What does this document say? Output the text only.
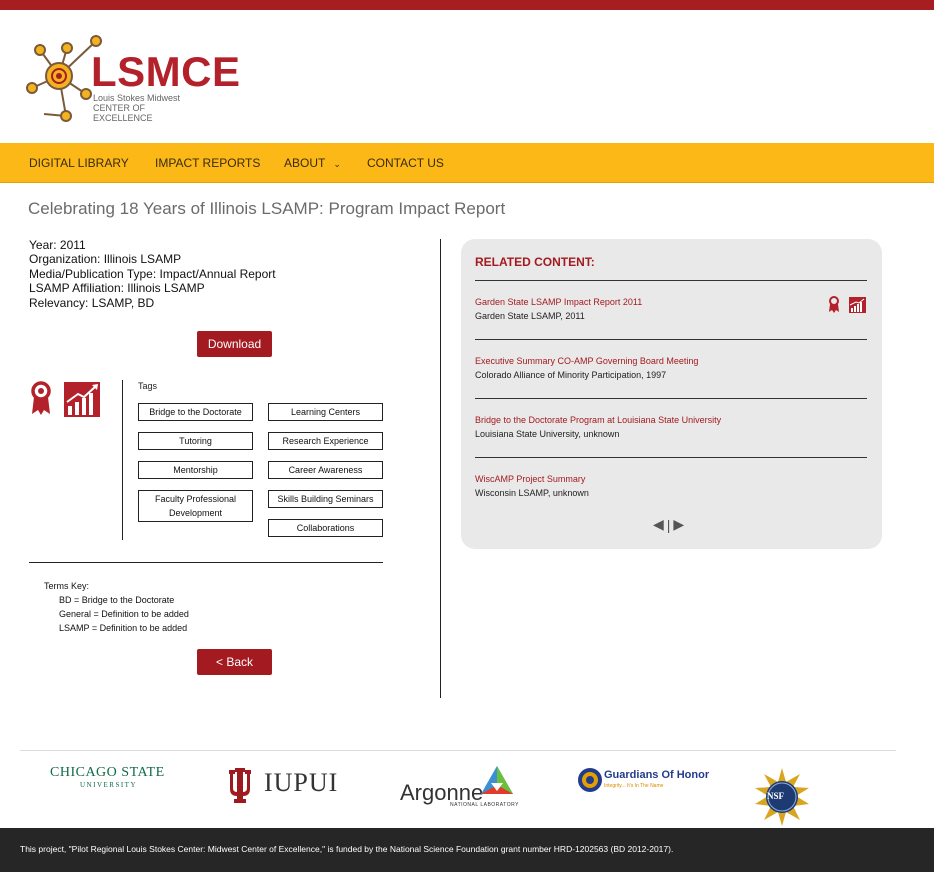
LSMCE
Louis Stokes Midwest
CENTER OF EXCELLENCE
DIGITAL LIBRARY IMPACT REPORTS ABOUT ⌄ CONTACT US
Celebrating 18 Years of Illinois LSAMP: Program Impact Report
Year: 2011
Organization: Illinois LSAMP
Media/Publication Type: Impact/Annual Report
LSAMP Affiliation: Illinois LSAMP
Relevancy: LSAMP, BD
Download
Tags
Bridge to the Doctorate	Learning Centers
Tutoring	Research Experience
Mentorship	Career Awareness
Faculty Professional Development
Skills Building Seminars
Collaborations
Terms Key:
BD = Bridge to the Doctorate
General = Definition to be added
LSAMP = Definition to be added
< Back
RELATED CONTENT:
Garden State LSAMP Impact Report 2011
Garden State LSAMP, 2011
Executive Summary CO-AMP Governing Board Meeting
Colorado Alliance of Minority Participation, 1997
Bridge to the Doctorate Program at Louisiana State University
Louisiana State University, unknown
WiscAMP Project Summary
Wisconsin LSAMP, unknown
◀ | ▶
CHICAGO STATE
UNIVERSITY	IUPUI	Argonne
NATIONAL LABORATORY
Guardians Of Honor
Integrity... It's In The Name
NSF
This project, "Pilot Regional Louis Stokes Center: Midwest Center of Excellence," is funded by the National Science Foundation grant number HRD-1202563 (BD 2012-2017).
